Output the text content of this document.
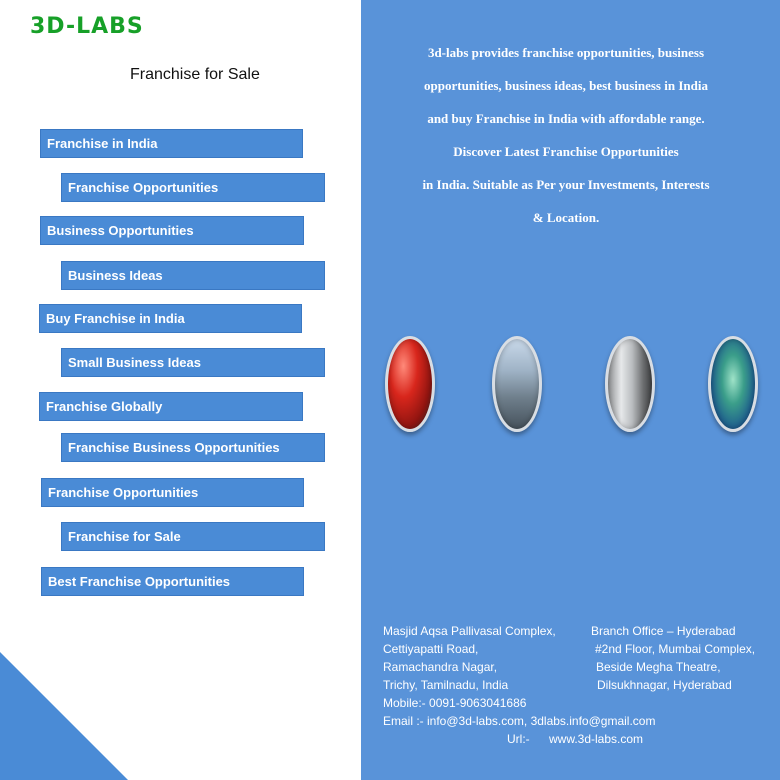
3D-LABS
Franchise for Sale
Franchise in India
Franchise Opportunities
Business Opportunities
Business Ideas
Buy Franchise in India
Small Business Ideas
Franchise Globally
Franchise Business Opportunities
Franchise Opportunities
Franchise for Sale
Best Franchise Opportunities
3d-labs provides franchise opportunities, business
opportunities, business ideas, best business in India
and buy Franchise in India with affordable range.
Discover Latest Franchise Opportunities
in India. Suitable as Per your Investments, Interests
& Location.
Masjid Aqsa Pallivasal Complex,
Cettiyapatti Road,
Ramachandra Nagar,
Trichy, Tamilnadu, India
Branch Office – Hyderabad
#2nd Floor, Mumbai Complex,
Beside Megha Theatre,
Dilsukhnagar, Hyderabad
Mobile:- 0091-9063041686
Email :- info@3d-labs.com, 3dlabs.info@gmail.com
Url:- www.3d-labs.com
